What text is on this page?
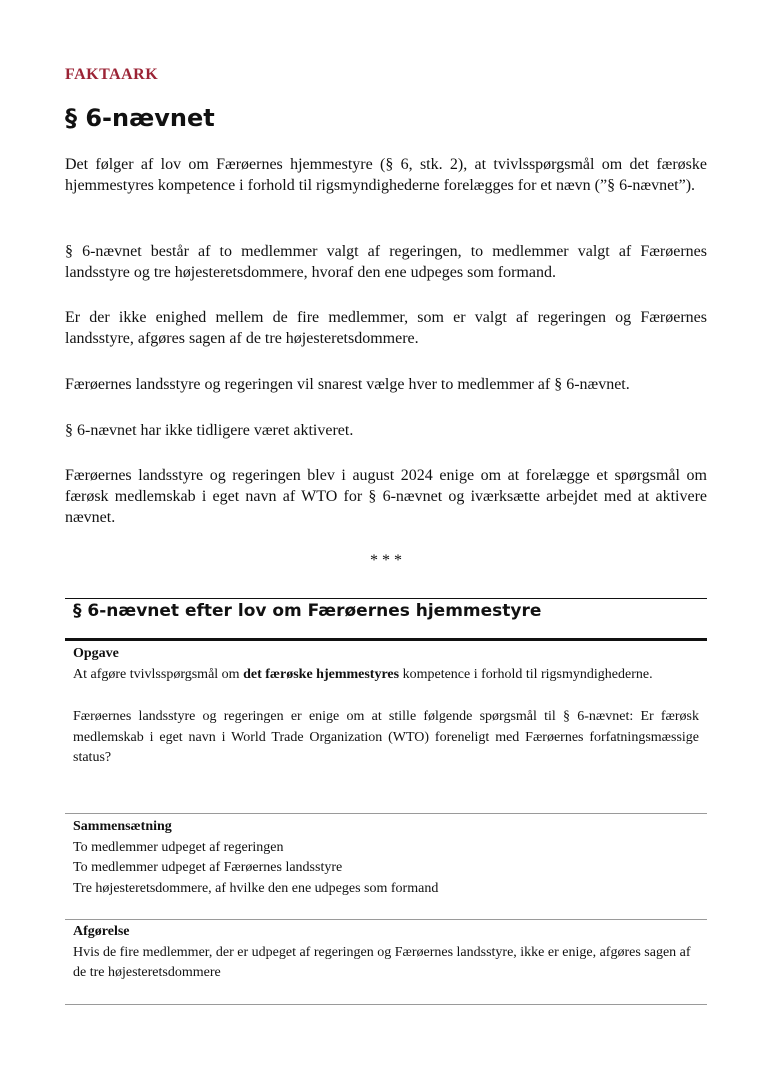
FAKTAARK
§ 6-nævnet

Det følger af lov om Færøernes hjemmestyre (§ 6, stk. 2), at tvivlsspørgsmål om det færøske hjemmestyres kompetence i forhold til rigsmyndighederne forelægges for et nævn (”§ 6-nævnet”).

§ 6-nævnet består af to medlemmer valgt af regeringen, to medlemmer valgt af Færøernes landsstyre og tre højesteretsdommere, hvoraf den ene udpeges som formand.

Er der ikke enighed mellem de fire medlemmer, som er valgt af regeringen og Færøernes landsstyre, afgøres sagen af de tre højesteretsdommere.

Færøernes landsstyre og regeringen vil snarest vælge hver to medlemmer af § 6-nævnet.

§ 6-nævnet har ikke tidligere været aktiveret.

Færøernes landsstyre og regeringen blev i august 2024 enige om at forelægge et spørgsmål om færøsk medlemskab i eget navn af WTO for § 6-nævnet og iværksætte arbejdet med at aktivere nævnet.

* * *
§ 6-nævnet efter lov om Færøernes hjemmestyre
Opgave
At afgøre tvivlsspørgsmål om det færøske hjemmestyres kompetence i forhold til rigsmyndighederne.
Færøernes landsstyre og regeringen er enige om at stille følgende spørgsmål til § 6-nævnet: Er færøsk medlemskab i eget navn i World Trade Organization (WTO) foreneligt med Færøernes forfatningsmæssige status?
Sammensætning
To medlemmer udpeget af regeringen
To medlemmer udpeget af Færøernes landsstyre
Tre højesteretsdommere, af hvilke den ene udpeges som formand
Afgørelse
Hvis de fire medlemmer, der er udpeget af regeringen og Færøernes landsstyre, ikke er enige, afgøres sagen af de tre højesteretsdommere
